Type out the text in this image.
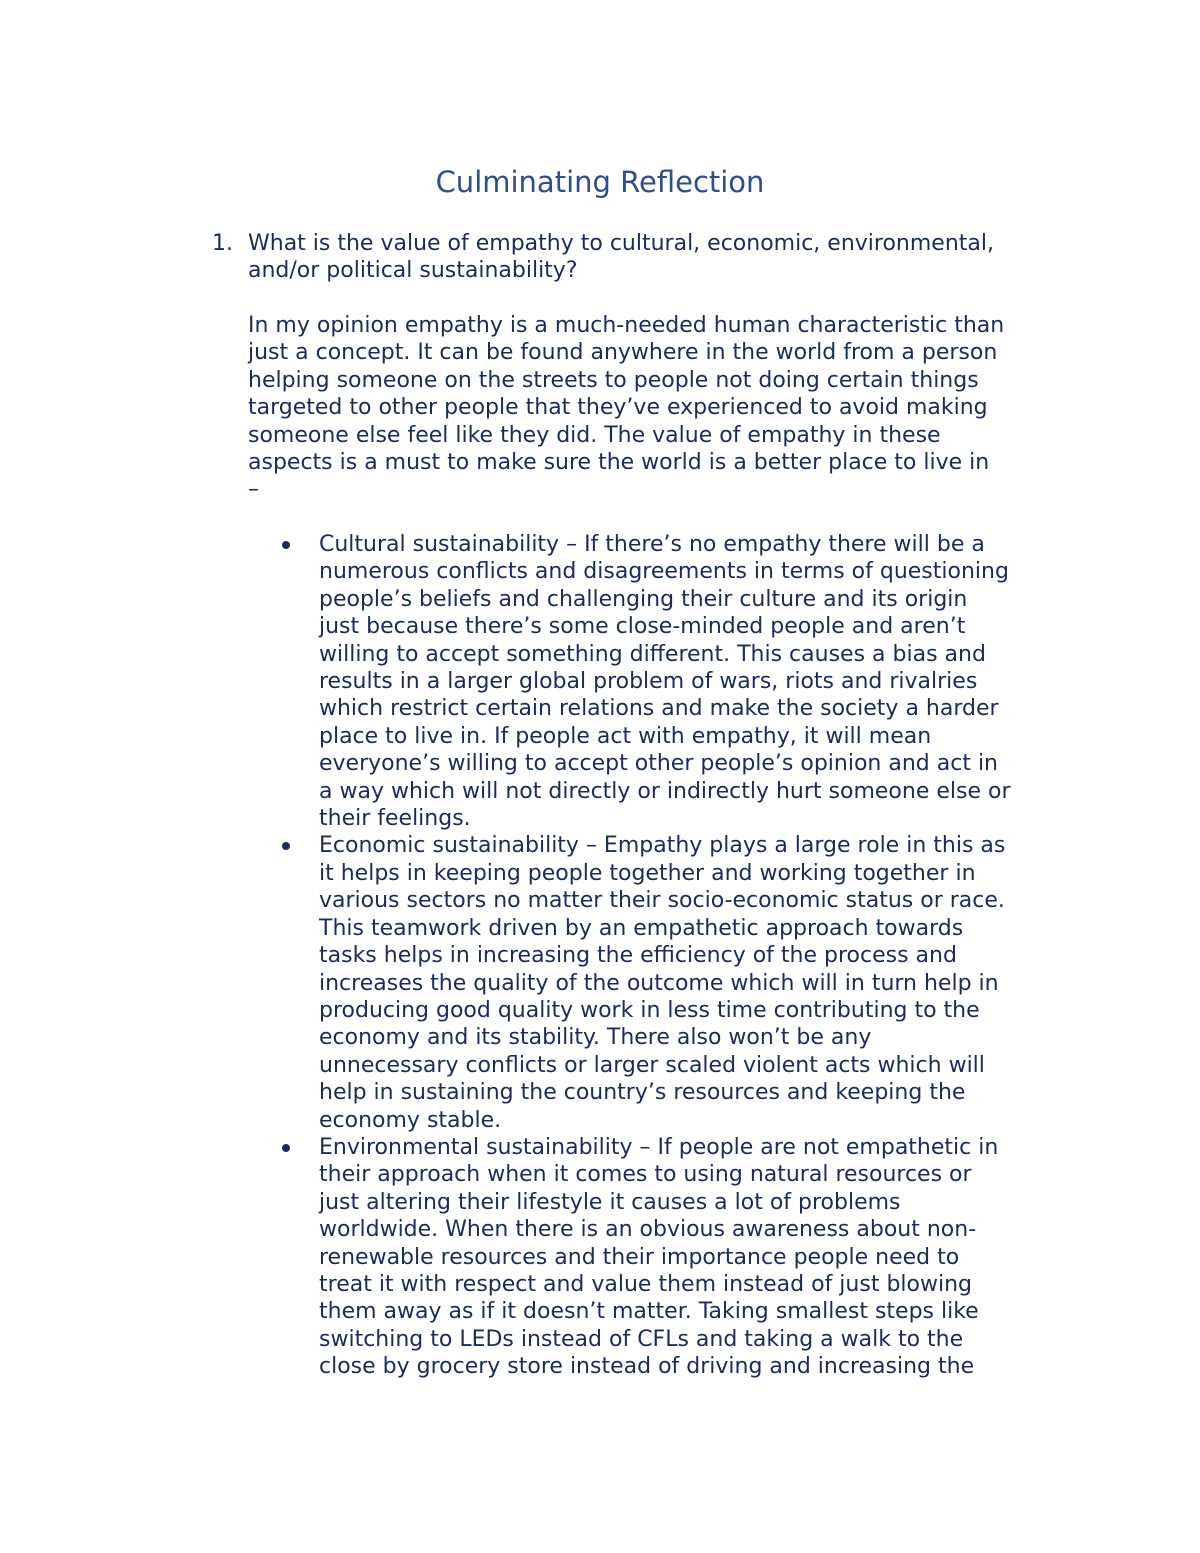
Culminating Reflection
1. What is the value of empathy to cultural, economic, environmental,
and/or political sustainability?
In my opinion empathy is a much-needed human characteristic than
just a concept. It can be found anywhere in the world from a person
helping someone on the streets to people not doing certain things
targeted to other people that they’ve experienced to avoid making
someone else feel like they did. The value of empathy in these
aspects is a must to make sure the world is a better place to live in
–
Cultural sustainability – If there’s no empathy there will be a
numerous conflicts and disagreements in terms of questioning
people’s beliefs and challenging their culture and its origin
just because there’s some close-minded people and aren’t
willing to accept something different. This causes a bias and
results in a larger global problem of wars, riots and rivalries
which restrict certain relations and make the society a harder
place to live in. If people act with empathy, it will mean
everyone’s willing to accept other people’s opinion and act in
a way which will not directly or indirectly hurt someone else or
their feelings.
Economic sustainability – Empathy plays a large role in this as
it helps in keeping people together and working together in
various sectors no matter their socio-economic status or race.
This teamwork driven by an empathetic approach towards
tasks helps in increasing the efficiency of the process and
increases the quality of the outcome which will in turn help in
producing good quality work in less time contributing to the
economy and its stability. There also won’t be any
unnecessary conflicts or larger scaled violent acts which will
help in sustaining the country’s resources and keeping the
economy stable.
Environmental sustainability – If people are not empathetic in
their approach when it comes to using natural resources or
just altering their lifestyle it causes a lot of problems
worldwide. When there is an obvious awareness about non-
renewable resources and their importance people need to
treat it with respect and value them instead of just blowing
them away as if it doesn’t matter. Taking smallest steps like
switching to LEDs instead of CFLs and taking a walk to the
close by grocery store instead of driving and increasing the
